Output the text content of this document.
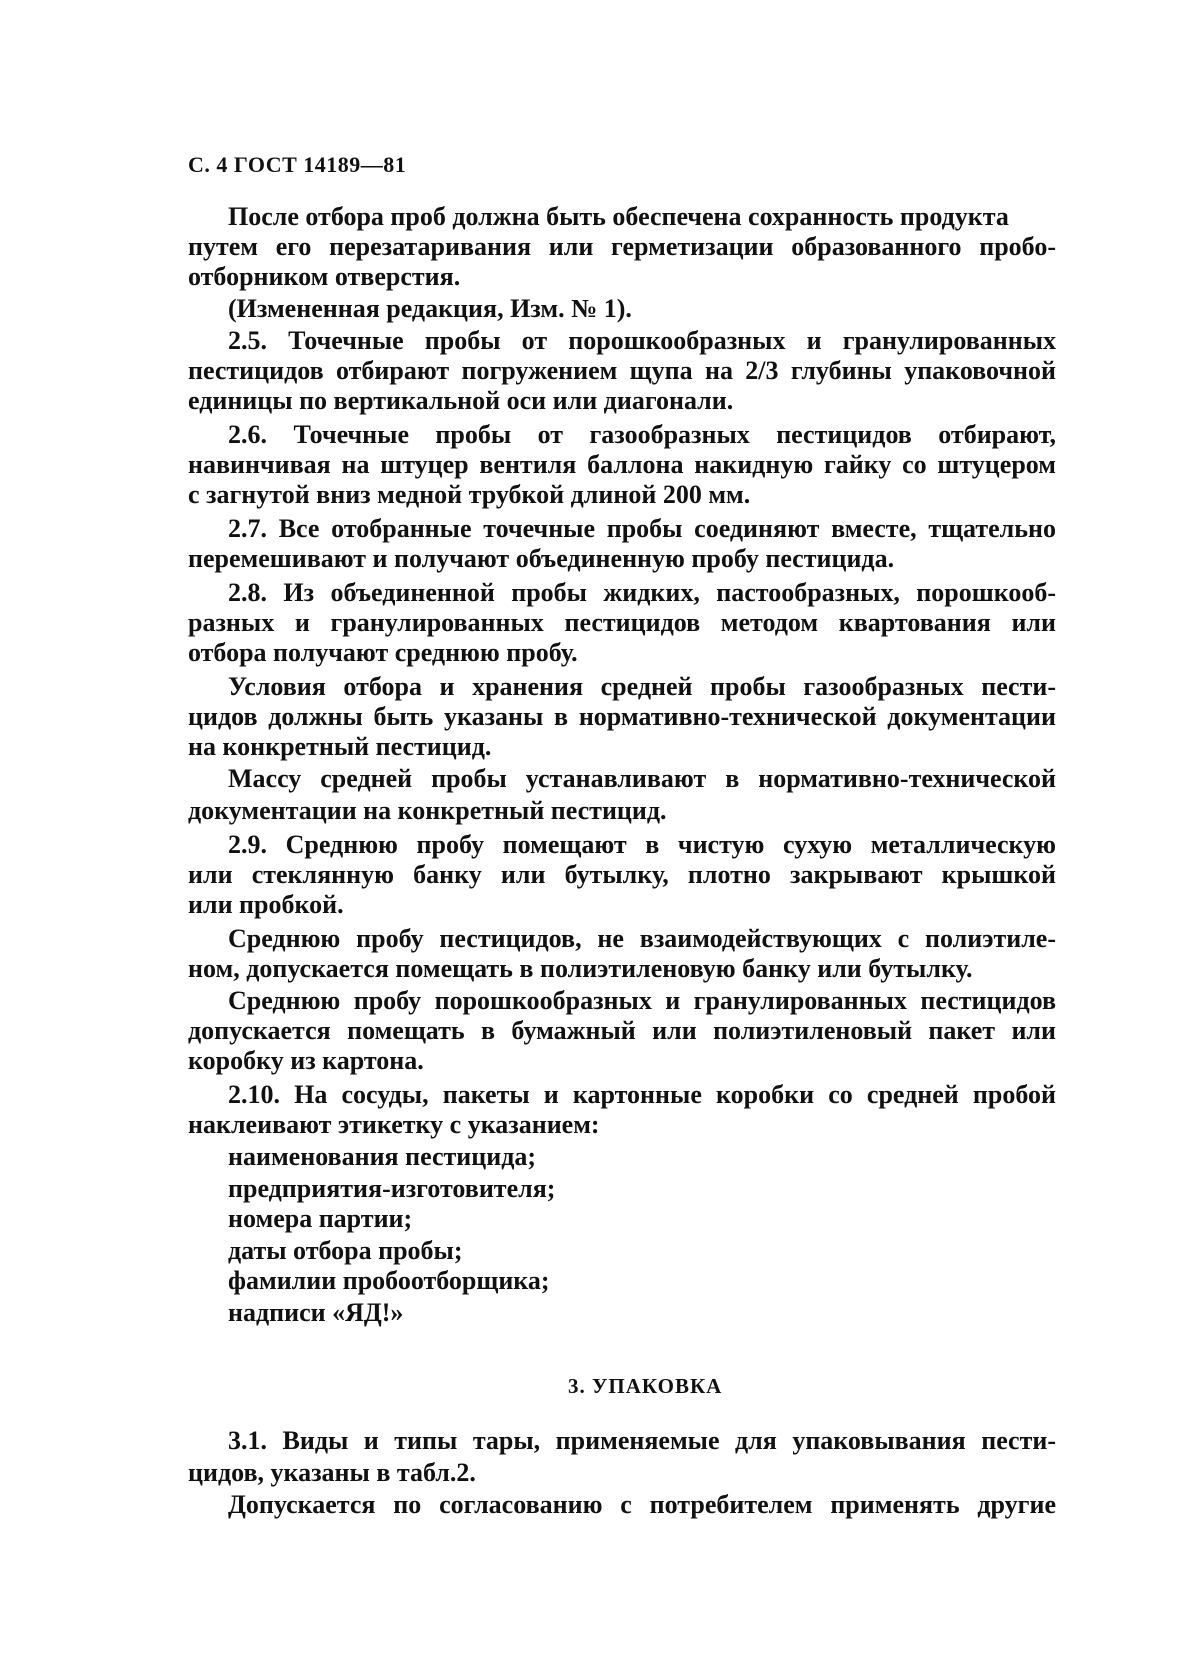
С. 4 ГОСТ 14189—81
После отбора проб должна быть обеспечена сохранность продукта
путем его перезатаривания или герметизации образованного пробо-
отборником отверстия.
(Измененная редакция, Изм. № 1).
2.5. Точечные пробы от порошкообразных и гранулированных
пестицидов отбирают погружением щупа на 2/3 глубины упаковочной
единицы по вертикальной оси или диагонали.
2.6. Точечные пробы от газообразных пестицидов отбирают,
навинчивая на штуцер вентиля баллона накидную гайку со штуцером
с загнутой вниз медной трубкой длиной 200 мм.
2.7. Все отобранные точечные пробы соединяют вместе, тщательно
перемешивают и получают объединенную пробу пестицида.
2.8. Из объединенной пробы жидких, пастообразных, порошкооб-
разных и гранулированных пестицидов методом квартования или
отбора получают среднюю пробу.
Условия отбора и хранения средней пробы газообразных пести-
цидов должны быть указаны в нормативно-технической документации
на конкретный пестицид.
Массу средней пробы устанавливают в нормативно-технической
документации на конкретный пестицид.
2.9. Среднюю пробу помещают в чистую сухую металлическую
или стеклянную банку или бутылку, плотно закрывают крышкой
или пробкой.
Среднюю пробу пестицидов, не взаимодействующих с полиэтиле-
ном, допускается помещать в полиэтиленовую банку или бутылку.
Среднюю пробу порошкообразных и гранулированных пестицидов
допускается помещать в бумажный или полиэтиленовый пакет или
коробку из картона.
2.10. На сосуды, пакеты и картонные коробки со средней пробой
наклеивают этикетку с указанием:
наименования пестицида;
предприятия-изготовителя;
номера партии;
даты отбора пробы;
фамилии пробоотборщика;
надписи «ЯД!»
3. УПАКОВКА
3.1. Виды и типы тары, применяемые для упаковывания пести-
цидов, указаны в табл.2.
Допускается по согласованию с потребителем применять другие
